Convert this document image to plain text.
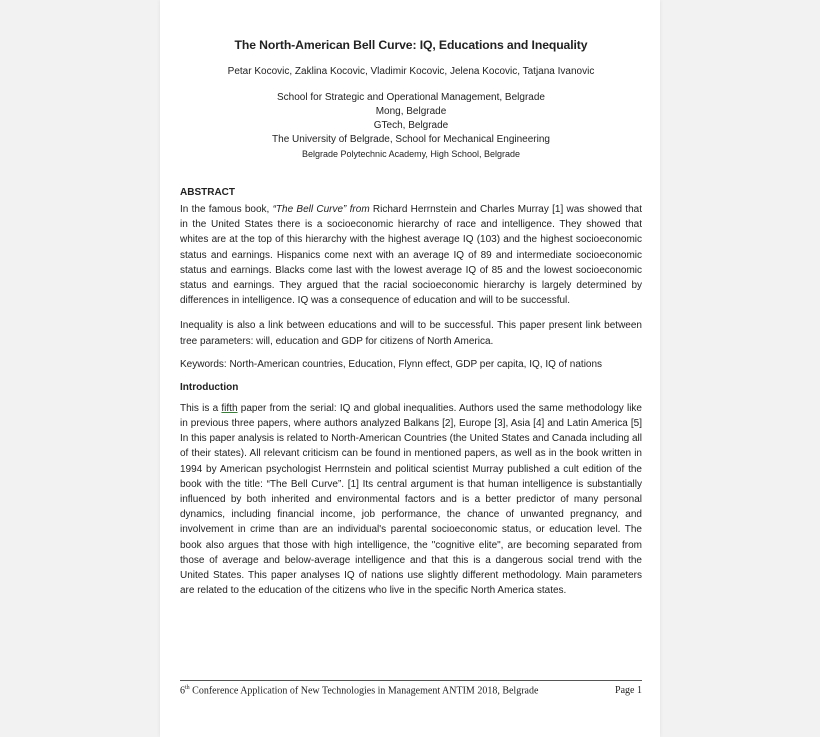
The North-American Bell Curve: IQ, Educations and Inequality
Petar Kocovic, Zaklina Kocovic, Vladimir Kocovic, Jelena Kocovic, Tatjana Ivanovic
School for Strategic and Operational Management, Belgrade
Mong, Belgrade
GTech, Belgrade
The University of Belgrade, School for Mechanical Engineering
Belgrade Polytechnic Academy, High School, Belgrade
ABSTRACT

In the famous book, “The Bell Curve” from Richard Herrnstein and Charles Murray [1] was showed that in the United States there is a socioeconomic hierarchy of race and intelligence. They showed that whites are at the top of this hierarchy with the highest average IQ (103) and the highest socioeconomic status and earnings. Hispanics come next with an average IQ of 89 and intermediate socioeconomic status and earnings. Blacks come last with the lowest average IQ of 85 and the lowest socioeconomic status and earnings. They argued that the racial socioeconomic hierarchy is largely determined by differences in intelligence. IQ was a consequence of education and will to be successful.

Inequality is also a link between educations and will to be successful. This paper present link between tree parameters: will, education and GDP for citizens of North America.

Keywords: North-American countries, Education, Flynn effect, GDP per capita, IQ, IQ of nations
Introduction

This is a fifth paper from the serial: IQ and global inequalities. Authors used the same methodology like in previous three papers, where authors analyzed Balkans [2], Europe [3], Asia [4] and Latin America [5] In this paper analysis is related to North-American Countries (the United States and Canada including all of their states). All relevant criticism can be found in mentioned papers, as well as in the book written in 1994 by American psychologist Herrnstein and political scientist Murray published a cult edition of the book with the title: “The Bell Curve”. [1] Its central argument is that human intelligence is substantially influenced by both inherited and environmental factors and is a better predictor of many personal dynamics, including financial income, job performance, the chance of unwanted pregnancy, and involvement in crime than are an individual's parental socioeconomic status, or education level. The book also argues that those with high intelligence, the "cognitive elite", are becoming separated from those of average and below-average intelligence and that this is a dangerous social trend with the United States. This paper analyses IQ of nations use slightly different methodology. Main parameters are related to the education of the citizens who live in the specific North America states.

6th Conference Application of New Technologies in Management ANTIM 2018, Belgrade	Page 1
